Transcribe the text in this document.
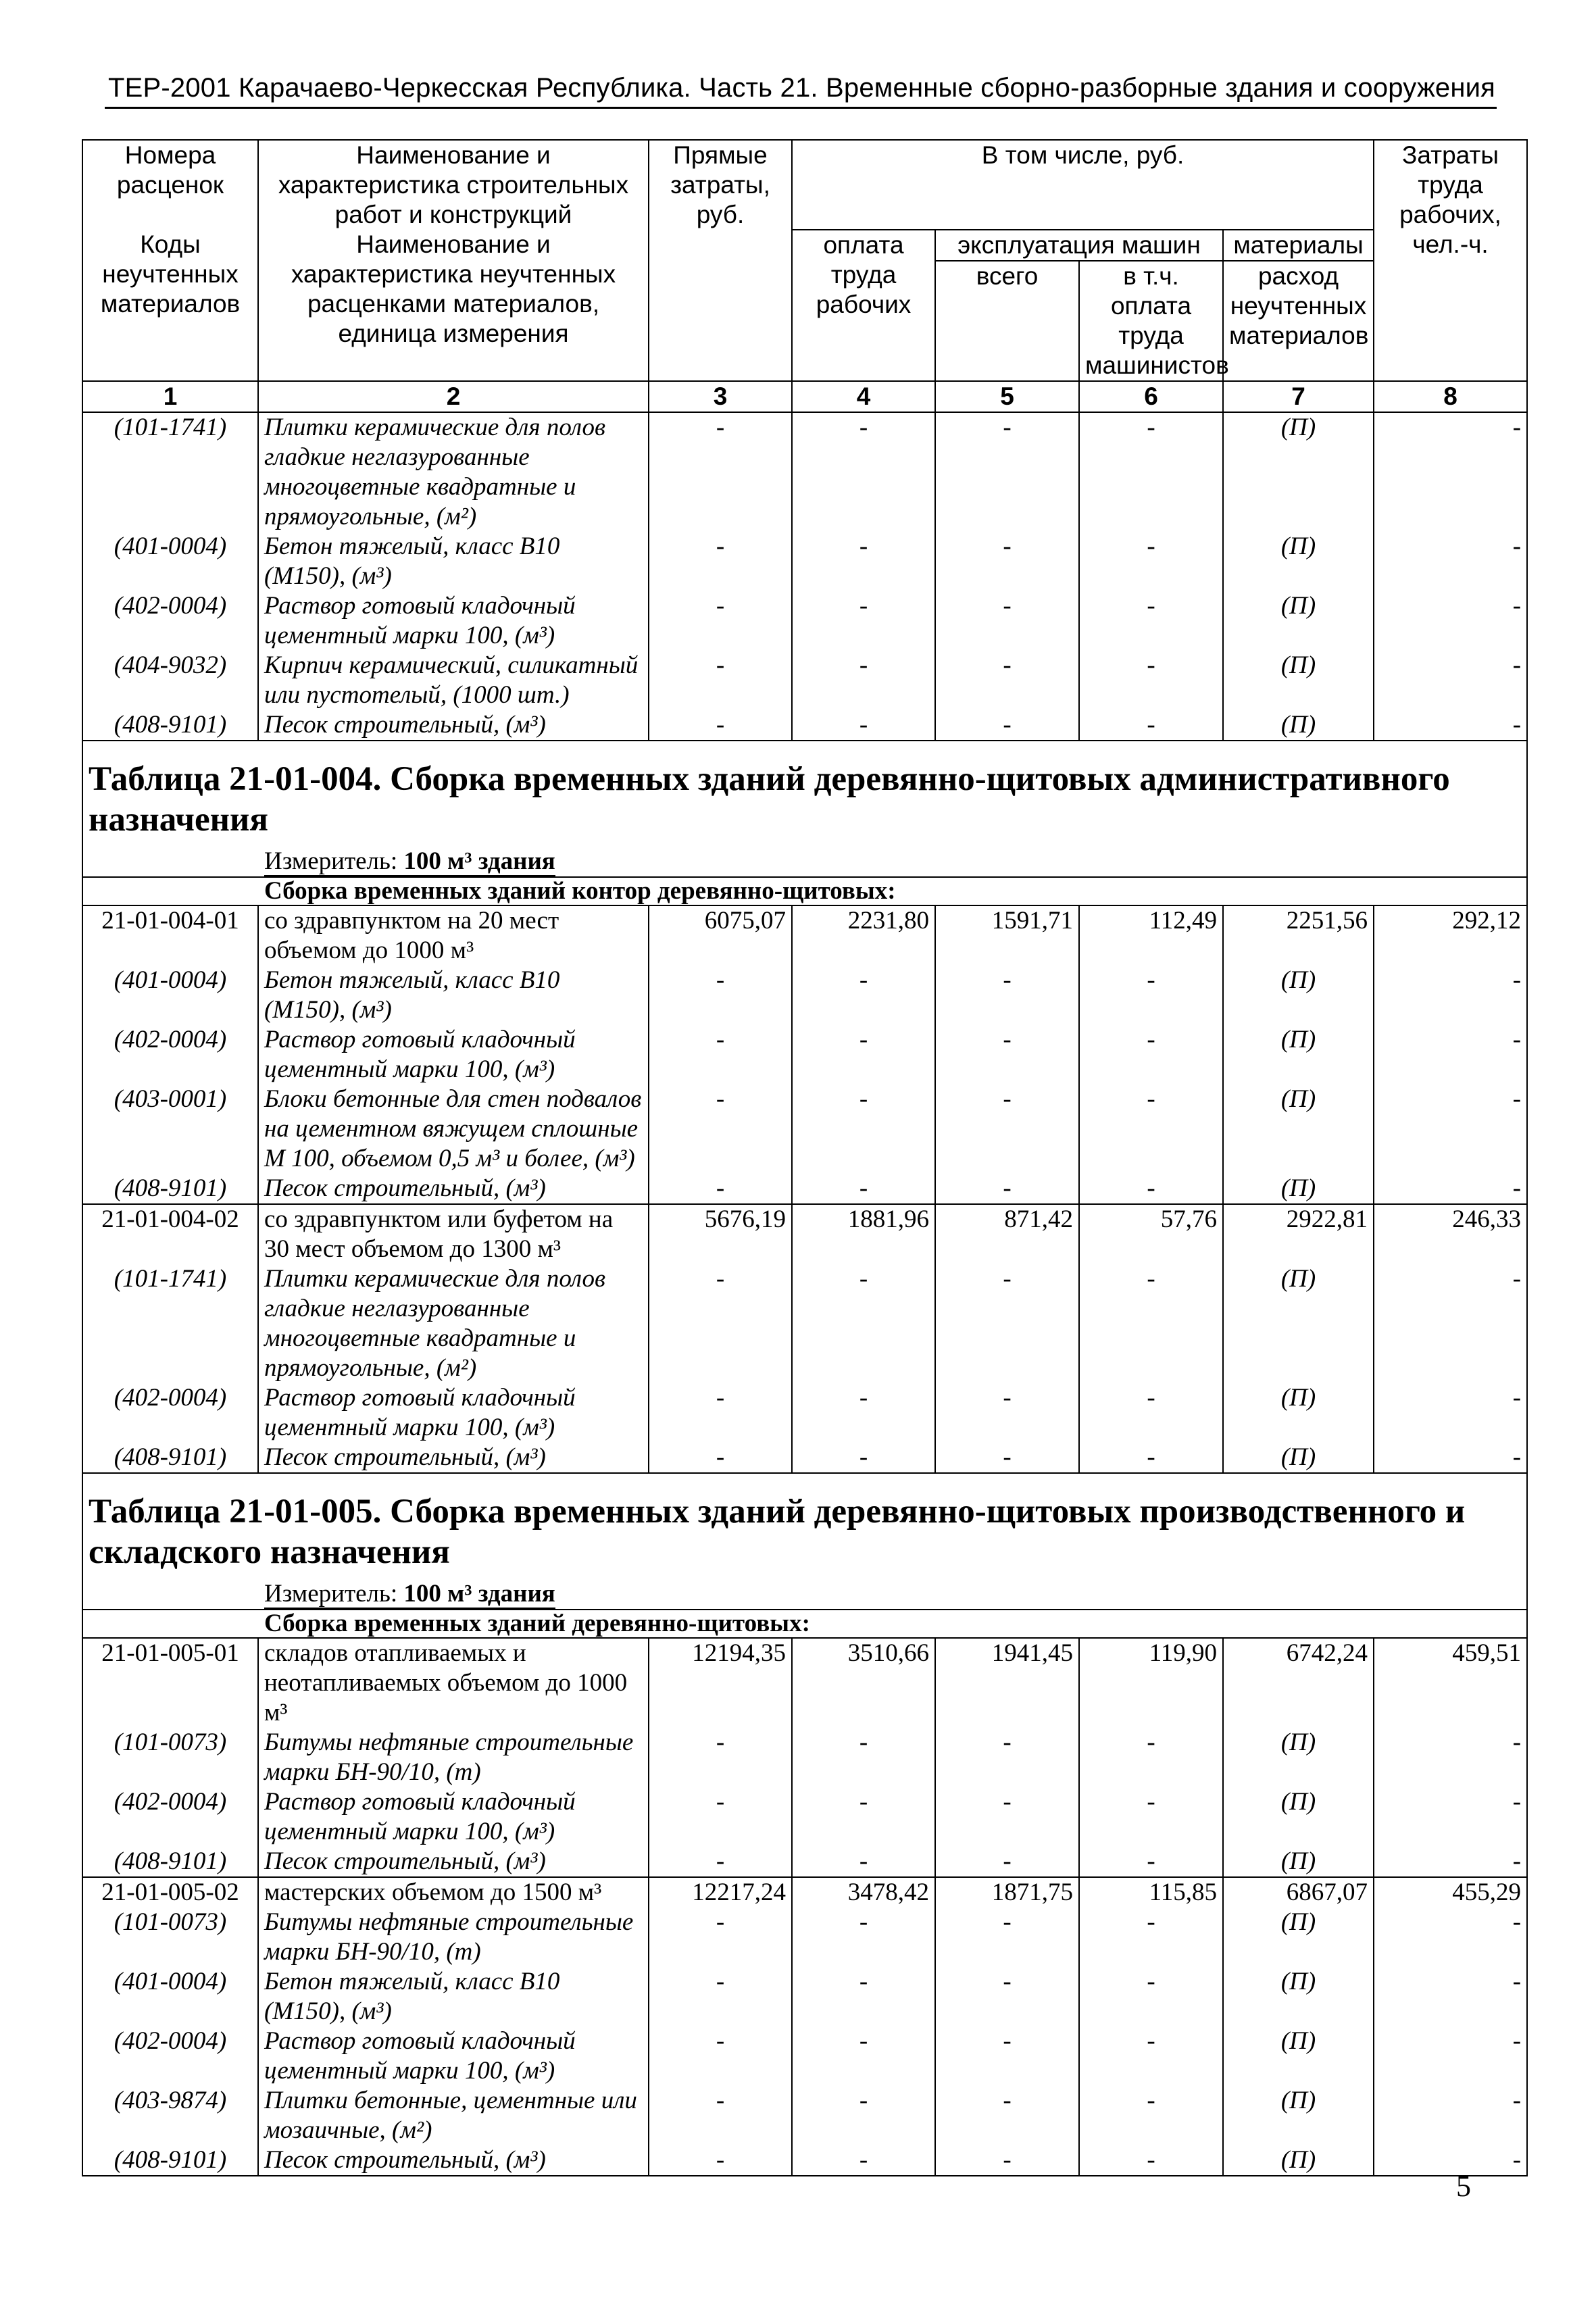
ТЕР-2001 Карачаево-Черкесская Республика. Часть 21. Временные сборно-разборные здания и сооружения
Номера расценок	Наименование и характеристика строительных работ и конструкций	Прямые затраты, руб.	В том числе, руб.				Затраты труда рабочих, чел.-ч.
Коды неучтенных материалов	Наименование и характеристика неучтенных расценками материалов, единица измерения		оплата труда рабочих	эксплуатация машин		материалы	
				всего	в т.ч. оплата труда машинистов	расход неучтенных материалов	
1	2	3	4	5	6	7	8
(101-1741)	Плитки керамические для полов гладкие неглазурованные многоцветные квадратные и прямоугольные, (м²)	-	-	-	-	(П)	-
(401-0004)	Бетон тяжелый, класс В10 (М150), (м³)	-	-	-	-	(П)	-
(402-0004)	Раствор готовый кладочный цементный марки 100, (м³)	-	-	-	-	(П)	-
(404-9032)	Кирпич керамический, силикатный или пустотелый, (1000 шт.)	-	-	-	-	(П)	-
(408-9101)	Песок строительный, (м³)	-	-	-	-	(П)	-
Таблица 21-01-004. Сборка временных зданий деревянно-щитовых административного назначения							
Измеритель: 100 м³ здания							
Сборка временных зданий контор деревянно-щитовых:							
21-01-004-01	со здравпунктом на 20 мест объемом до 1000 м³	6075,07	2231,80	1591,71	112,49	2251,56	292,12
(401-0004)	Бетон тяжелый, класс В10 (М150), (м³)	-	-	-	-	(П)	-
(402-0004)	Раствор готовый кладочный цементный марки 100, (м³)	-	-	-	-	(П)	-
(403-0001)	Блоки бетонные для стен подвалов на цементном вяжущем сплошные М 100, объемом 0,5 м³ и более, (м³)	-	-	-	-	(П)	-
(408-9101)	Песок строительный, (м³)	-	-	-	-	(П)	-
21-01-004-02	со здравпунктом или буфетом на 30 мест объемом до 1300 м³	5676,19	1881,96	871,42	57,76	2922,81	246,33
(101-1741)	Плитки керамические для полов гладкие неглазурованные многоцветные квадратные и прямоугольные, (м²)	-	-	-	-	(П)	-
(402-0004)	Раствор готовый кладочный цементный марки 100, (м³)	-	-	-	-	(П)	-
(408-9101)	Песок строительный, (м³)	-	-	-	-	(П)	-
Таблица 21-01-005. Сборка временных зданий деревянно-щитовых производственного и складского назначения							
Измеритель: 100 м³ здания							
Сборка временных зданий деревянно-щитовых:							
21-01-005-01	складов отапливаемых и неотапливаемых объемом до 1000 м³	12194,35	3510,66	1941,45	119,90	6742,24	459,51
(101-0073)	Битумы нефтяные строительные марки БН-90/10, (т)	-	-	-	-	(П)	-
(402-0004)	Раствор готовый кладочный цементный марки 100, (м³)	-	-	-	-	(П)	-
(408-9101)	Песок строительный, (м³)	-	-	-	-	(П)	-
21-01-005-02	мастерских объемом до 1500 м³	12217,24	3478,42	1871,75	115,85	6867,07	455,29
(101-0073)	Битумы нефтяные строительные марки БН-90/10, (т)	-	-	-	-	(П)	-
(401-0004)	Бетон тяжелый, класс В10 (М150), (м³)	-	-	-	-	(П)	-
(402-0004)	Раствор готовый кладочный цементный марки 100, (м³)	-	-	-	-	(П)	-
(403-9874)	Плитки бетонные, цементные или мозаичные, (м²)	-	-	-	-	(П)	-
(408-9101)	Песок строительный, (м³)	-	-	-	-	(П)	-
5
